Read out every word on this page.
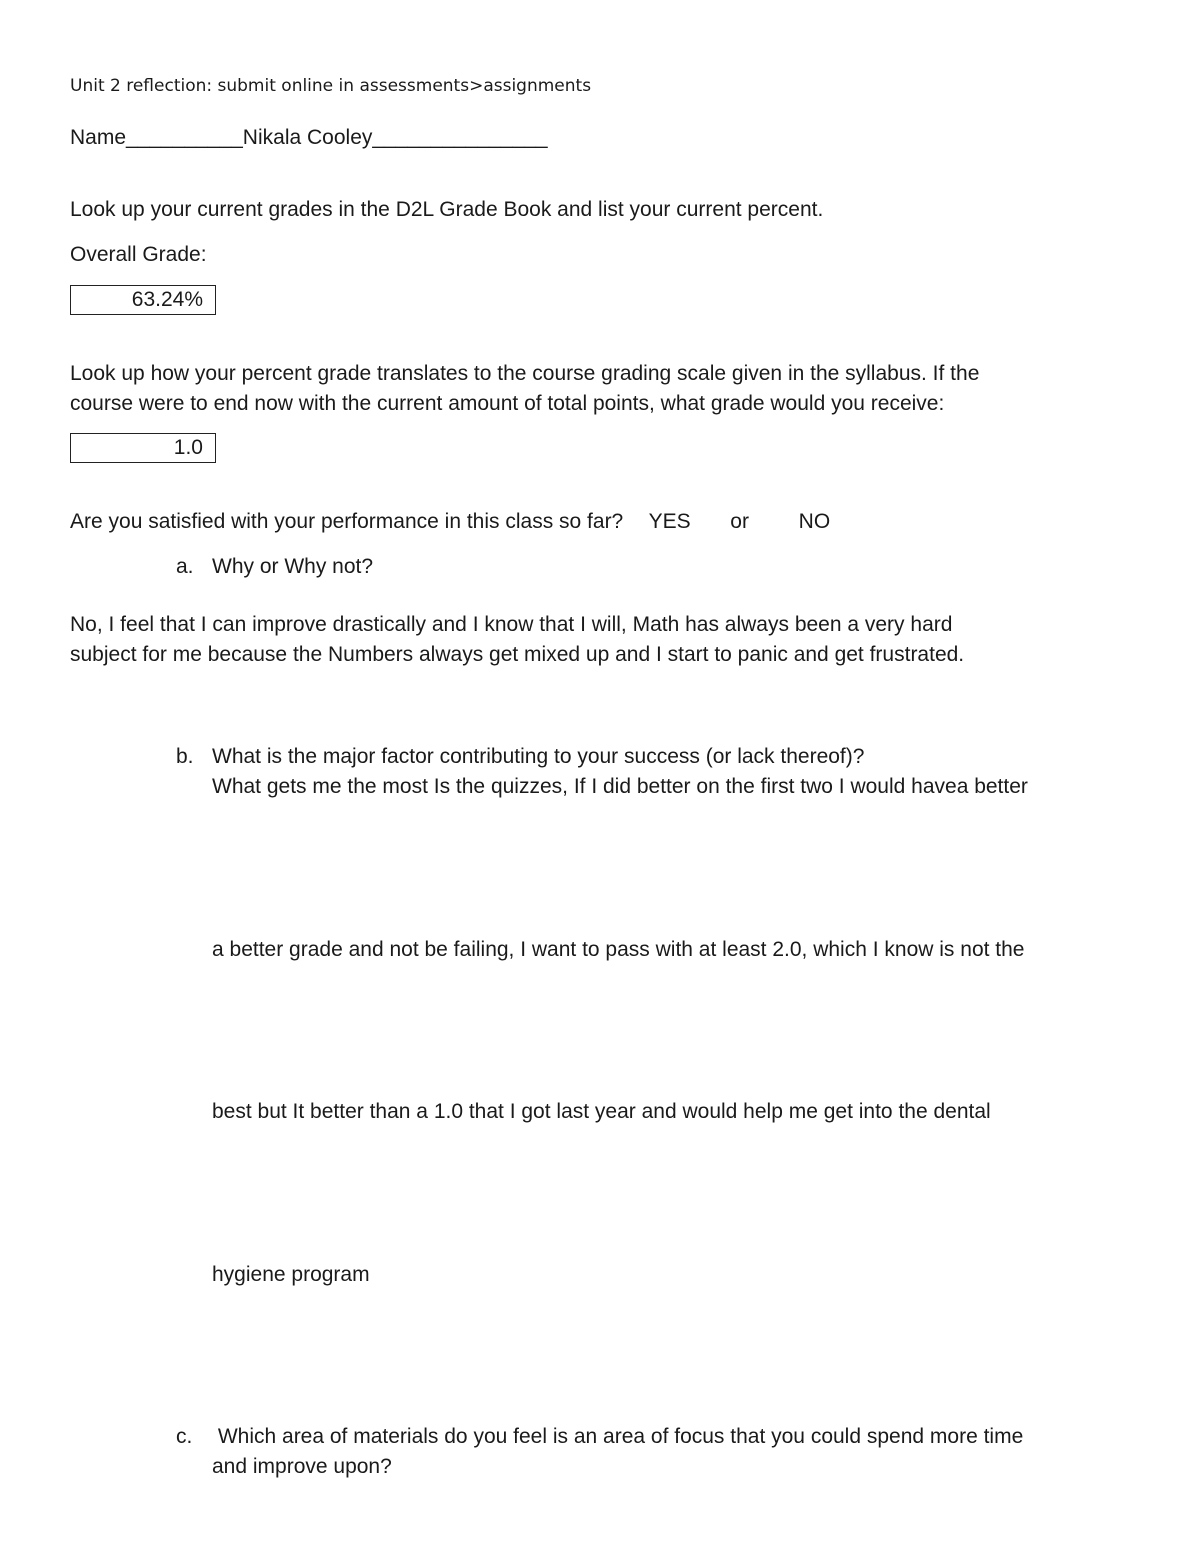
Unit 2 reflection: submit online in assessments>assignments
Name__________Nikala Cooley_______________
Look up your current grades in the D2L Grade Book and list your current percent.
Overall Grade:
63.24%
Look up how your percent grade translates to the course grading scale given in the syllabus. If the
course were to end now with the current amount of total points, what grade would you receive:
1.0
Are you satisfied with your performance in this class so far? YES or NO
a. Why or Why not?
No, I feel that I can improve drastically and I know that I will, Math has always been a very hard
subject for me because the Numbers always get mixed up and I start to panic and get frustrated.
b. What is the major factor contributing to your success (or lack thereof)?
What gets me the most Is the quizzes, If I did better on the first two I would havea better
a better grade and not be failing, I want to pass with at least 2.0, which I know is not the
best but It better than a 1.0 that I got last year and would help me get into the dental
hygiene program
c. Which area of materials do you feel is an area of focus that you could spend more time
and improve upon?
